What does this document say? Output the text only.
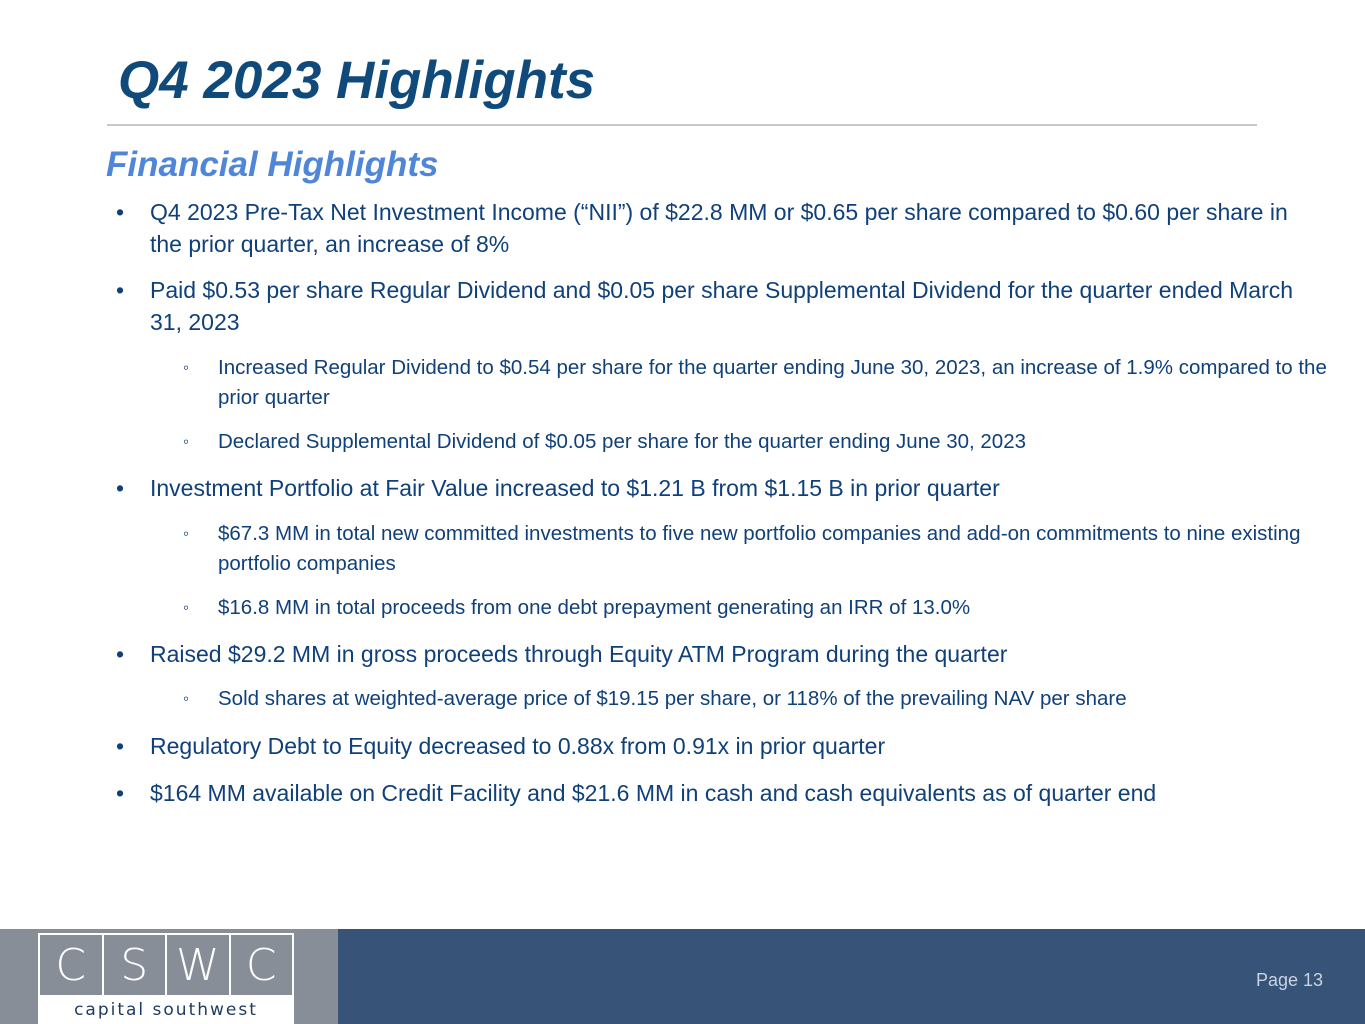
Q4 2023 Highlights
Financial Highlights
• Q4 2023 Pre-Tax Net Investment Income (“NII”) of $22.8 MM or $0.65 per share compared to $0.60 per share in the prior quarter, an increase of 8%
• Paid $0.53 per share Regular Dividend and $0.05 per share Supplemental Dividend for the quarter ended March 31, 2023
◦ Increased Regular Dividend to $0.54 per share for the quarter ending June 30, 2023, an increase of 1.9% compared to the prior quarter
◦ Declared Supplemental Dividend of $0.05 per share for the quarter ending June 30, 2023
• Investment Portfolio at Fair Value increased to $1.21 B from $1.15 B in prior quarter
◦ $67.3 MM in total new committed investments to five new portfolio companies and add-on commitments to nine existing portfolio companies
◦ $16.8 MM in total proceeds from one debt prepayment generating an IRR of 13.0%
• Raised $29.2 MM in gross proceeds through Equity ATM Program during the quarter
◦ Sold shares at weighted-average price of $19.15 per share, or 118% of the prevailing NAV per share
• Regulatory Debt to Equity decreased to 0.88x from 0.91x in prior quarter
• $164 MM available on Credit Facility and $21.6 MM in cash and cash equivalents as of quarter end
C S W C
capital southwest
Page 13
